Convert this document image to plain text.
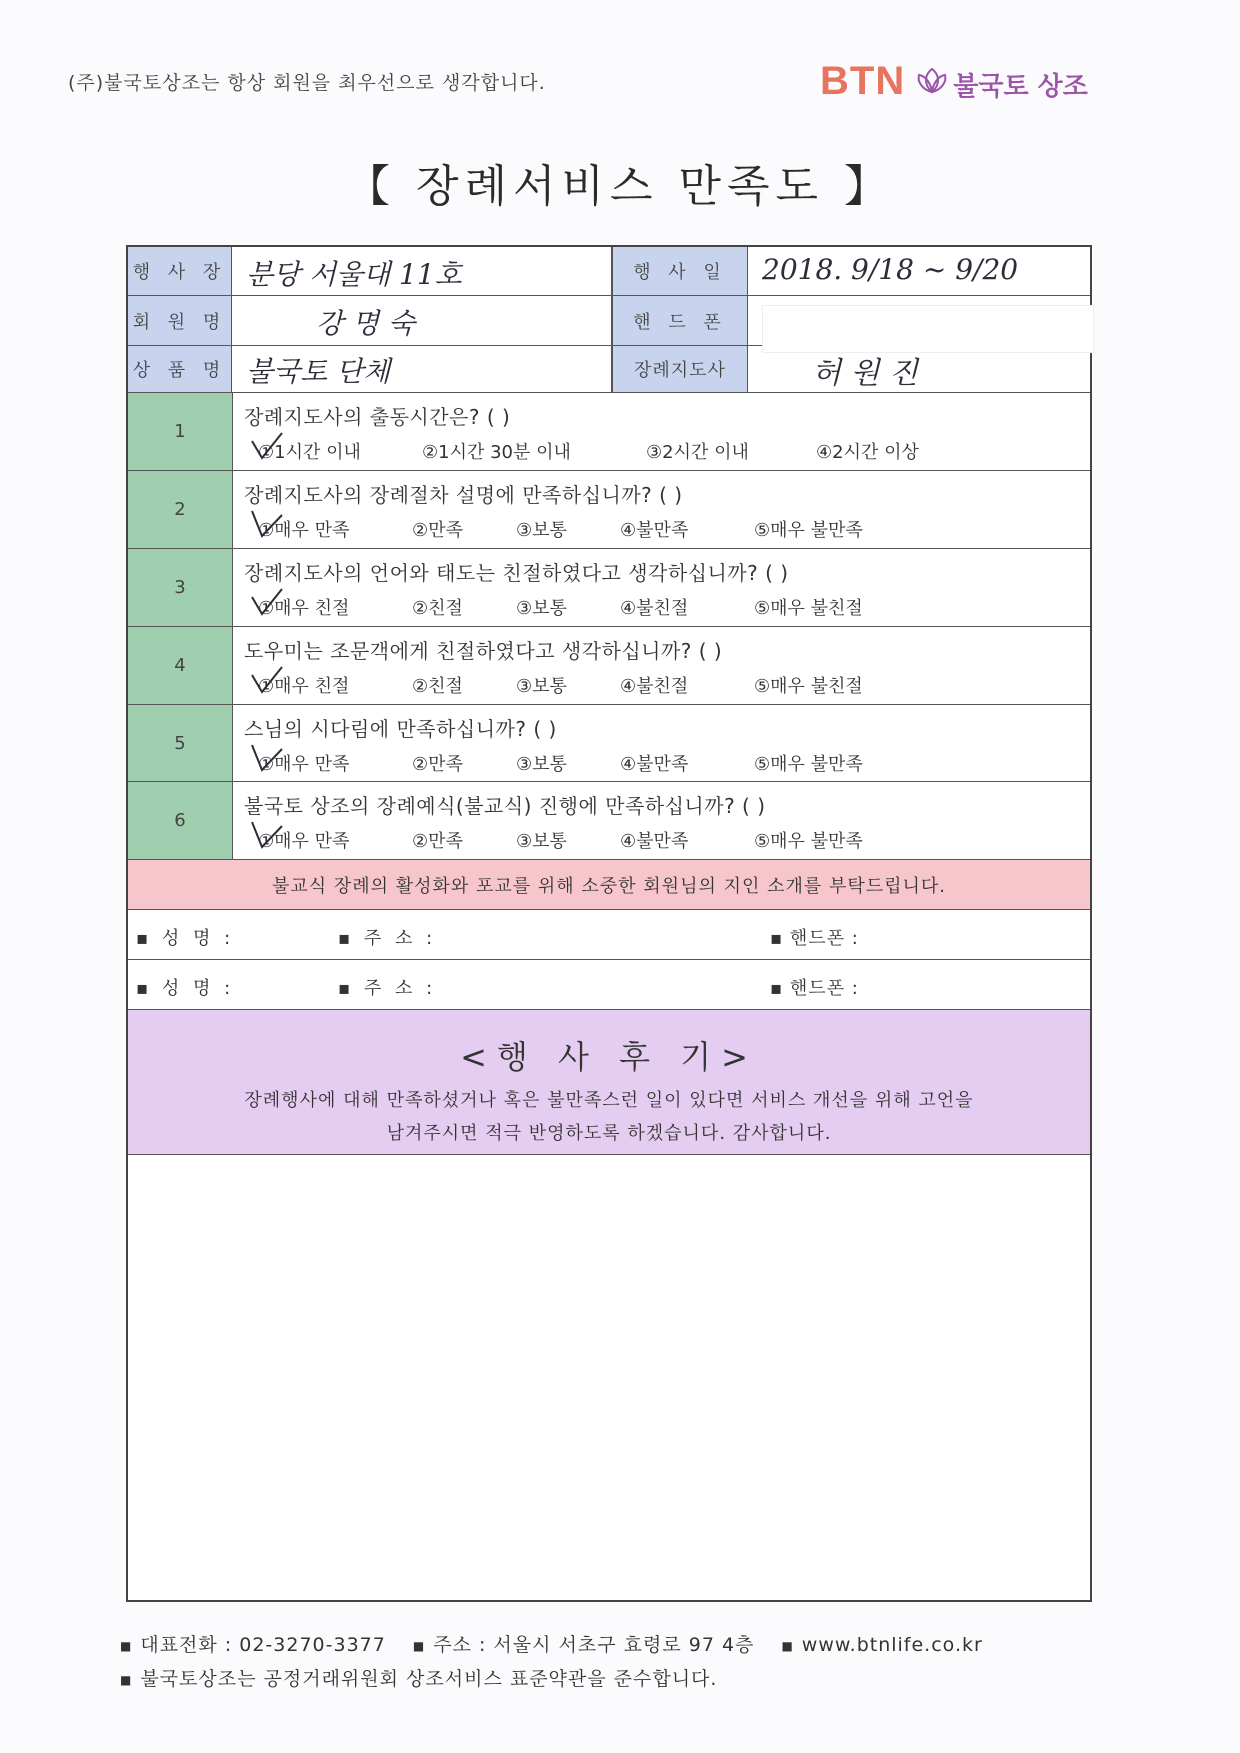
(주)불국토상조는 항상 회원을 최우선으로 생각합니다.	BTN 불국토 상조
【 장례서비스 만족도 】
행 사 장 분당 서울대 11호	행 사 일	2018. 9/18 ~ 9/20
회 원 명	강 명 숙	핸 드 폰
상 품 명 불국토 단체	장례지도사	허 원 진
1
장례지도사의 출동시간은? ( )
①1시간 이내	②1시간 30분 이내	③2시간 이내	④2시간 이상
2
장례지도사의 장례절차 설명에 만족하십니까? ( )
①매우 만족	②만족	③보통	④불만족	⑤매우 불만족
3
장례지도사의 언어와 태도는 친절하였다고 생각하십니까? ( )
①매우 친절	②친절	③보통	④불친절	⑤매우 불친절
4
도우미는 조문객에게 친절하였다고 생각하십니까? ( )
①매우 친절	②친절	③보통	④불친절	⑤매우 불친절
5
스님의 시다림에 만족하십니까? ( )
①매우 만족	②만족	③보통	④불만족	⑤매우 불만족
6
불국토 상조의 장례예식(불교식) 진행에 만족하십니까? ( )
①매우 만족	②만족	③보통	④불만족	⑤매우 불만족
불교식 장례의 활성화와 포교를 위해 소중한 회원님의 지인 소개를 부탁드립니다.
▪ 성 명 :	▪ 주 소 :	▪ 핸드폰 :
▪ 성 명 :	▪ 주 소 :	▪ 핸드폰 :
<행 사 후 기>
장례행사에 대해 만족하셨거나 혹은 불만족스런 일이 있다면 서비스 개선을 위해 고언을
남겨주시면 적극 반영하도록 하겠습니다. 감사합니다.
■ 대표전화 : 02-3270-3377 ■ 주소 : 서울시 서초구 효령로 97 4층 ■ www.btnlife.co.kr
■ 불국토상조는 공정거래위원회 상조서비스 표준약관을 준수합니다.
